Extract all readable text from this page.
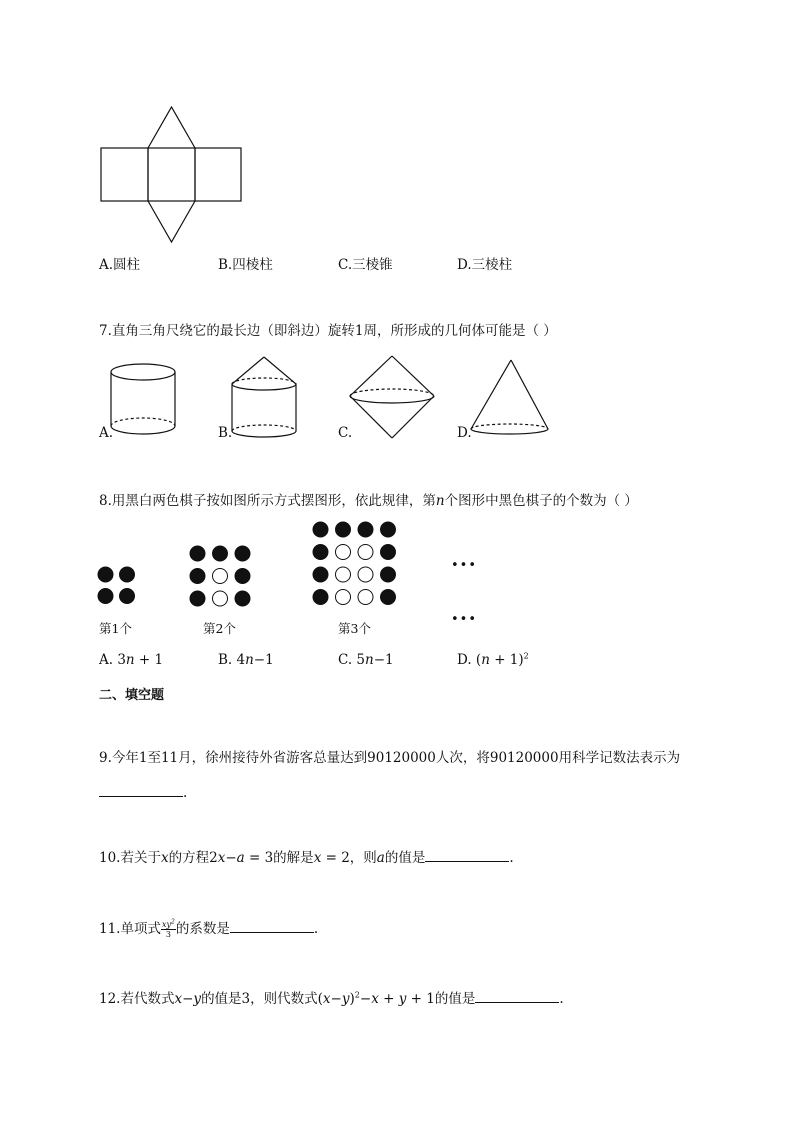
A.圆柱	B.四棱柱	C.三棱锥	D.三棱柱
7.直角三角尺绕它的最长边（即斜边）旋转1周，所形成的几何体可能是（ ）
A.	B.	C.	D.
8.用黑白两色棋子按如图所示方式摆图形，依此规律，第n个图形中黑色棋子的个数为（ ）
•••
•••
第1个	第2个	第3个
A. 3n + 1	B. 4n−1	C. 5n−1	D. $(n + 1)^2$
二、填空题
9.今年1至11月，徐州接待外省游客总量达到90120000人次，将90120000用科学记数法表示为
.
10.若关于x的方程2x−a = 3的解是x = 2，则a的值是	.
11.单项式 $\frac{xy^2}{3}$ 的系数是	.
12.若代数式x−y的值是3，则代数式$(x-y)^2-x + y + 1$的值是	.
